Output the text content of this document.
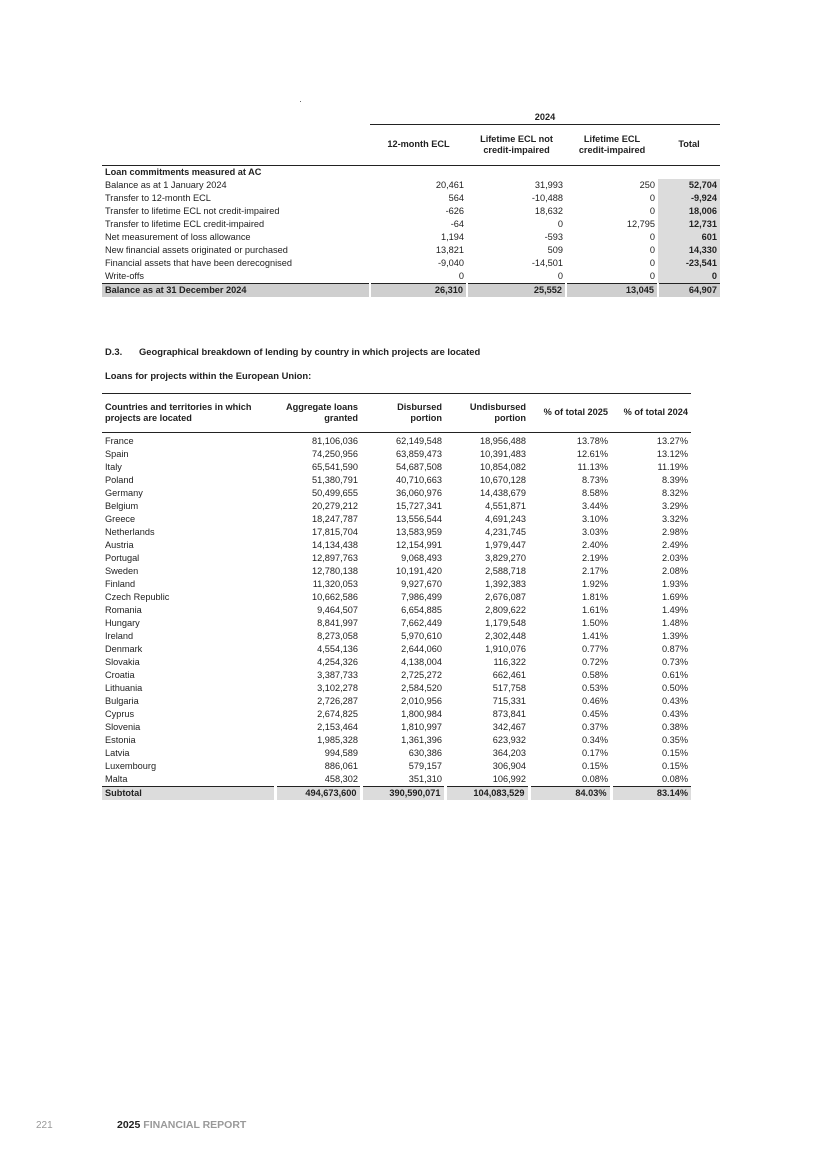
	2024			
	12-month ECL	Lifetime ECL not credit-impaired	Lifetime ECL credit-impaired	Total
Loan commitments measured at AC				
Balance as at 1 January 2024	20,461	31,993	250	52,704
Transfer to 12-month ECL	564	-10,488	0	-9,924
Transfer to lifetime ECL not credit-impaired	-626	18,632	0	18,006
Transfer to lifetime ECL credit-impaired	-64	0	12,795	12,731
Net measurement of loss allowance	1,194	-593	0	601
New financial assets originated or purchased	13,821	509	0	14,330
Financial assets that have been derecognised	-9,040	-14,501	0	-23,541
Write-offs	0	0	0	0
Balance as at 31 December 2024	26,310	25,552	13,045	64,907
D.3. Geographical breakdown of lending by country in which projects are located
Loans for projects within the European Union:
Countries and territories in which projects are located	Aggregate loans granted	Disbursed portion	Undisbursed portion	% of total 2025	% of total 2024
France	81,106,036	62,149,548	18,956,488	13.78%	13.27%
Spain	74,250,956	63,859,473	10,391,483	12.61%	13.12%
Italy	65,541,590	54,687,508	10,854,082	11.13%	11.19%
Poland	51,380,791	40,710,663	10,670,128	8.73%	8.39%
Germany	50,499,655	36,060,976	14,438,679	8.58%	8.32%
Belgium	20,279,212	15,727,341	4,551,871	3.44%	3.29%
Greece	18,247,787	13,556,544	4,691,243	3.10%	3.32%
Netherlands	17,815,704	13,583,959	4,231,745	3.03%	2.98%
Austria	14,134,438	12,154,991	1,979,447	2.40%	2.49%
Portugal	12,897,763	9,068,493	3,829,270	2.19%	2.03%
Sweden	12,780,138	10,191,420	2,588,718	2.17%	2.08%
Finland	11,320,053	9,927,670	1,392,383	1.92%	1.93%
Czech Republic	10,662,586	7,986,499	2,676,087	1.81%	1.69%
Romania	9,464,507	6,654,885	2,809,622	1.61%	1.49%
Hungary	8,841,997	7,662,449	1,179,548	1.50%	1.48%
Ireland	8,273,058	5,970,610	2,302,448	1.41%	1.39%
Denmark	4,554,136	2,644,060	1,910,076	0.77%	0.87%
Slovakia	4,254,326	4,138,004	116,322	0.72%	0.73%
Croatia	3,387,733	2,725,272	662,461	0.58%	0.61%
Lithuania	3,102,278	2,584,520	517,758	0.53%	0.50%
Bulgaria	2,726,287	2,010,956	715,331	0.46%	0.43%
Cyprus	2,674,825	1,800,984	873,841	0.45%	0.43%
Slovenia	2,153,464	1,810,997	342,467	0.37%	0.38%
Estonia	1,985,328	1,361,396	623,932	0.34%	0.35%
Latvia	994,589	630,386	364,203	0.17%	0.15%
Luxembourg	886,061	579,157	306,904	0.15%	0.15%
Malta	458,302	351,310	106,992	0.08%	0.08%
Subtotal	494,673,600	390,590,071	104,083,529	84.03%	83.14%
221	2025 FINANCIAL REPORT
